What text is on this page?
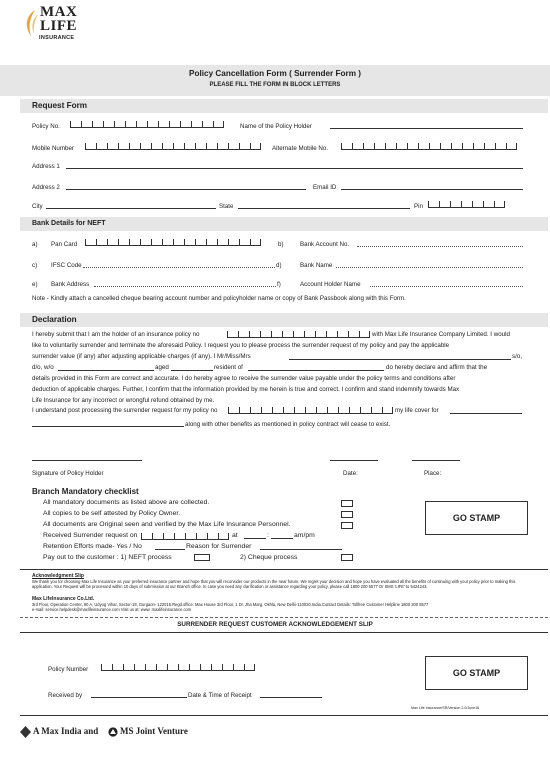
MAX
LIFE
INSURANCE
Policy Cancellation Form ( Surrender Form )
PLEASE FILL THE FORM IN BLOCK LETTERS
Request Form
Policy No.	Name of the Policy Holder
Mobile Number	Alternate Mobile No.
Address 1
Address 2	Email ID
City	State	Pin
Bank Details for NEFT
a) Pan Card	b)	Bank Account No.
c) IFSC Code	d)	Bank Name
e) Bank Address	f)	Account Holder Name
Note - Kindly attach a cancelled cheque bearing account number and policyholder name or copy of Bank Passbook along with this Form.
Declaration
I hereby submit that I am the holder of an insurance policy no	with Max Life Insurance Company Limited. I would
like to voluntarily surrender and terminate the aforesaid Policy. I request you to please process the surrender request of my policy and pay the applicable
surrender value (if any) after adjusting applicable charges (if any). I Mr/Miss/Mrs	s/o,
d/o, w/o	aged	resident of	do hereby declare and affirm that the
details provided in this Form are correct and accurate. I do hereby agree to receive the surrender value payable under the policy terms and conditions after
deduction of applicable charges. Further, I confirm that the information provided by me herein is true and correct. I confirm and stand indemnify towards Max
Life Insurance for any incorrect or wrongful refund obtained by me.
I understand post processing the surrender request for my policy no	my life cover for
along with other benefits as mentioned in policy contract will cease to exist.
Signature of Policy Holder	Date:	Place:
Branch Mandatory checklist
All mandatory documents as listed above are collected.
All copies to be self attested by Policy Owner.
All documents are Original seen and verified by the Max Life Insurance Personnel.
Received Surrender request on	at	:	am/pm
Retention Efforts made- Yes / No	Reason for Surrender
Pay out to the customer : 1) NEFT process	2) Cheque process
GO STAMP
Acknowledgment Slip
We thank you for choosing Max Life Insurance as your preferred insurance partner and hope that you will reconsider our products in the near future. We regret your decision and hope you have evaluated all the benefits of continuing with your policy prior to making this application. Your Request will be processed within 10 days of submission at our Branch office. In case you need any clarification or assistance regarding your policy, please call 1800 200 5577 Or SMS 'LIFE' to 5424243.
Max LifeInsurance Co.Ltd.
3rd Floor, Operation Center, 90 A, Udyog Vihar, Sector-18, Gurgaon- 122015.Regd.office: Max House 3rd Floor, 1 Dr. Jha Marg, Okhla, New Delhi-110020.India.Contact Details: Tollfree Customer Helpline 1800 200 5577
e-mail: service.helpdesk@maxlifeinsurance.com Visit us at: www. maxlifeinsurance.com
SURRENDER REQUEST CUSTOMER ACKNOWLEDGEMENT SLIP
Policy Number	GO STAMP
Received by	Date & Time of Receipt
Max Life Insurance/SR/Version 2.0/June16
A Max India and MS Joint Venture
